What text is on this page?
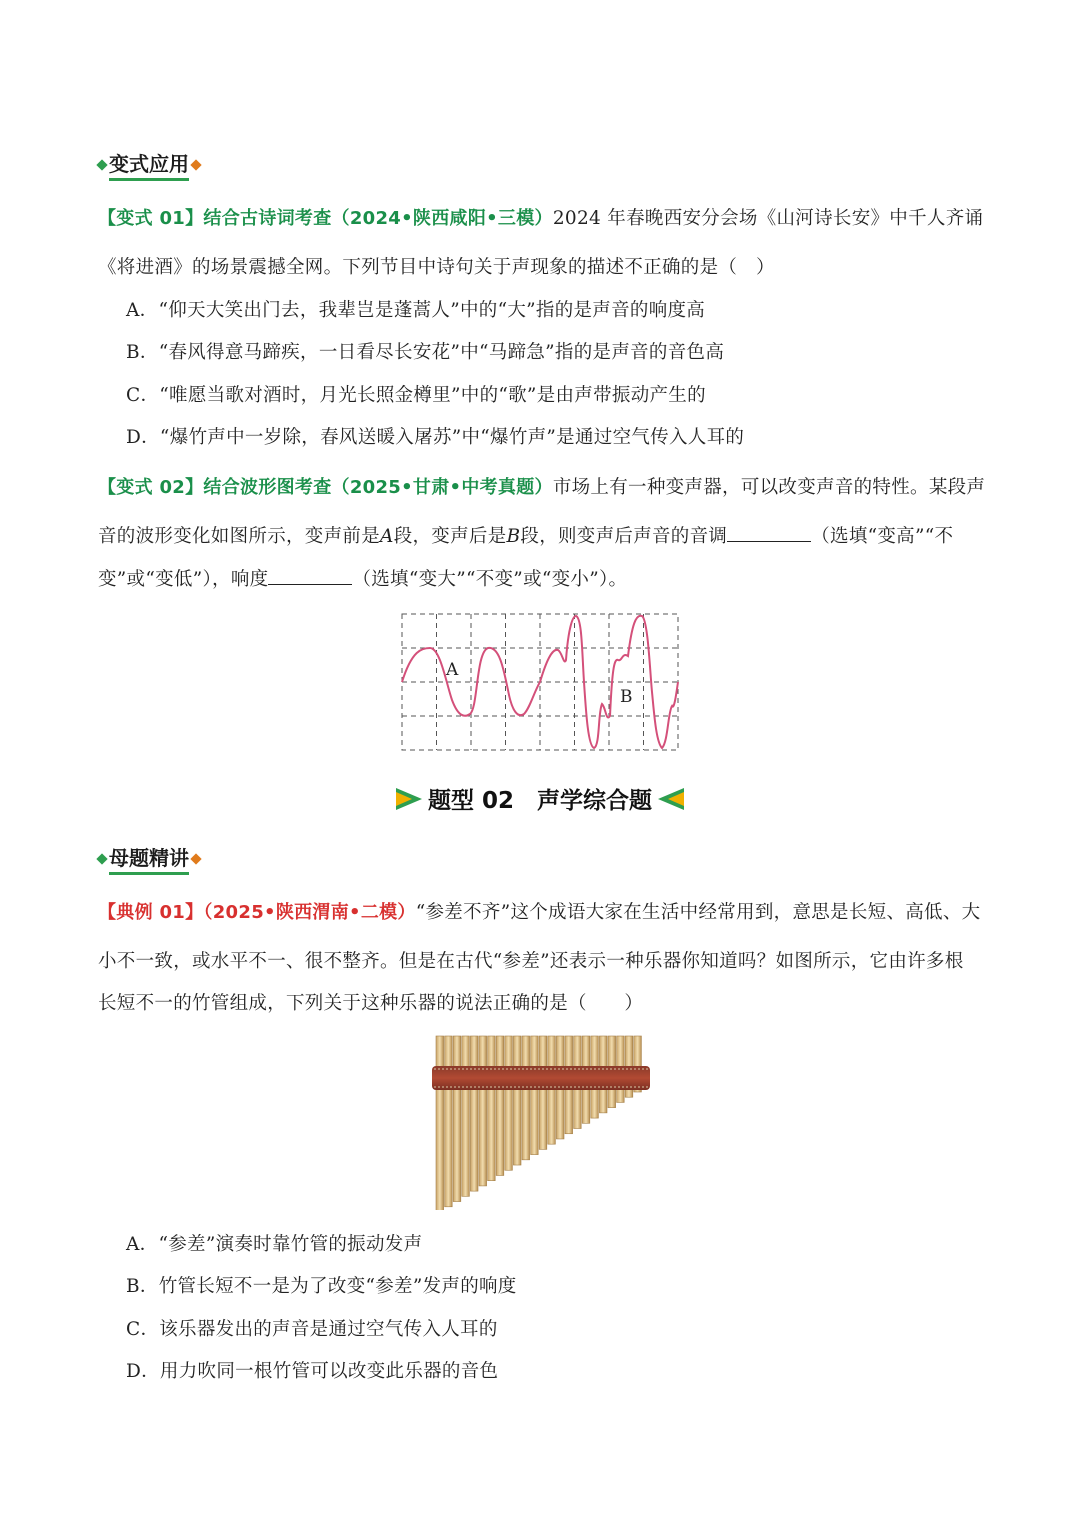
变式应用
【变式 01】结合古诗词考查（2024•陕西咸阳•三模）2024 年春晚西安分会场《山河诗长安》中千人齐诵
《将进酒》的场景震撼全网。下列节目中诗句关于声现象的描述不正确的是（　）
A．“仰天大笑出门去，我辈岂是蓬蒿人”中的“大”指的是声音的响度高
B．“春风得意马蹄疾，一日看尽长安花”中“马蹄急”指的是声音的音色高
C．“唯愿当歌对酒时，月光长照金樽里”中的“歌”是由声带振动产生的
D．“爆竹声中一岁除，春风送暖入屠苏”中“爆竹声”是通过空气传入人耳的
【变式 02】结合波形图考查（2025•甘肃•中考真题）市场上有一种变声器，可以改变声音的特性。某段声
音的波形变化如图所示，变声前是A段，变声后是B段，则变声后声音的音调	（选填“变高”“不
变”或“变低”），响度	（选填“变大”“不变”或“变小”）。
A
B
题型 02　声学综合题
母题精讲
【典例 01】（2025•陕西渭南•二模）“参差不齐”这个成语大家在生活中经常用到，意思是长短、高低、大
小不一致，或水平不一、很不整齐。但是在古代“参差”还表示一种乐器你知道吗？如图所示，它由许多根
长短不一的竹管组成，下列关于这种乐器的说法正确的是（　　）
A．“参差”演奏时靠竹管的振动发声
B．竹管长短不一是为了改变“参差”发声的响度
C．该乐器发出的声音是通过空气传入人耳的
D．用力吹同一根竹管可以改变此乐器的音色
